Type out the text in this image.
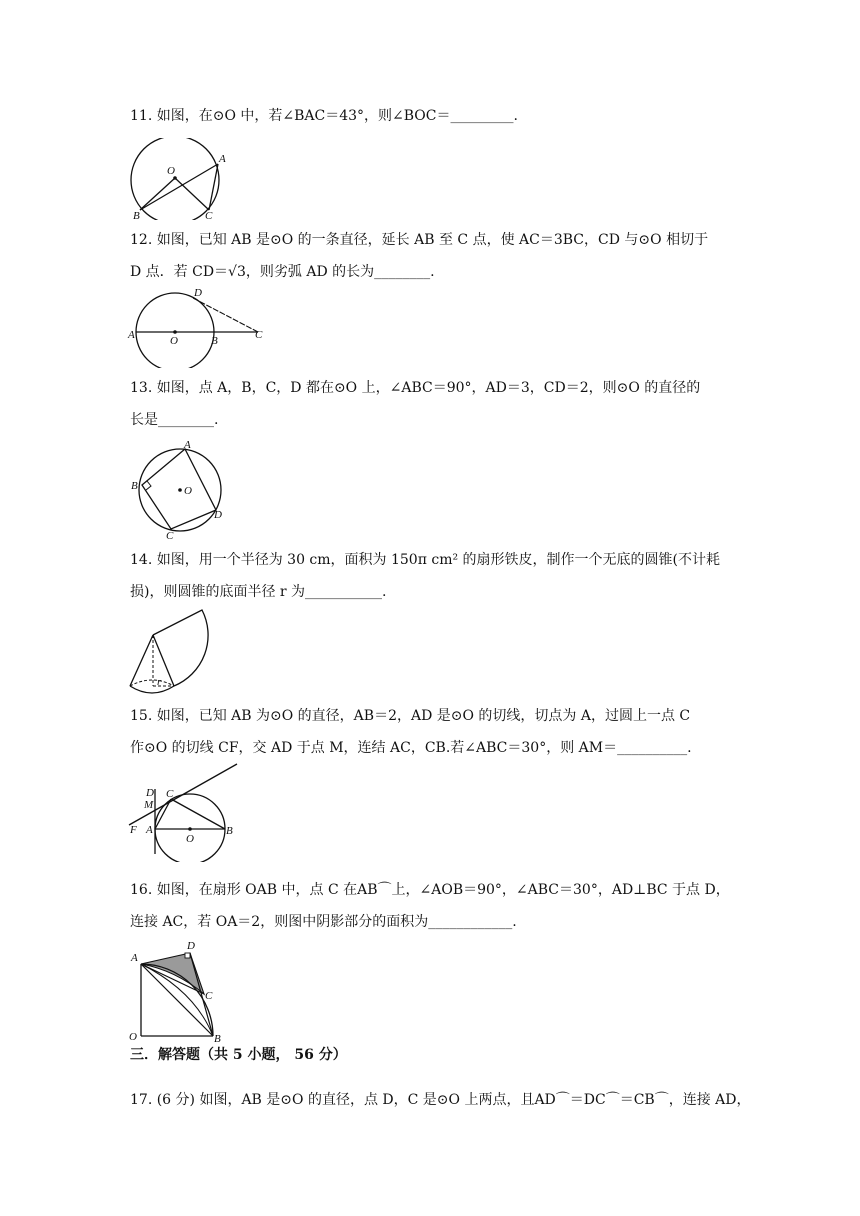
11. 如图，在⊙O 中，若∠BAC＝43°，则∠BOC＝_________.
O
A
B	C
12. 如图，已知 AB 是⊙O 的一条直径，延长 AB 至 C 点，使 AC＝3BC，CD 与⊙O 相切于
D 点．若 CD＝√3，则劣弧 AD 的长为________.
A	O	B	C
D
13. 如图，点 A，B，C，D 都在⊙O 上，∠ABC＝90°，AD＝3，CD＝2，则⊙O 的直径的
长是________.
A
B
C
D
O
14. 如图，用一个半径为 30 cm，面积为 150π cm² 的扇形铁皮，制作一个无底的圆锥(不计耗
损)，则圆锥的底面半径 r 为___________.
r
15. 如图，已知 AB 为⊙O 的直径，AB＝2，AD 是⊙O 的切线，切点为 A，过圆上一点 C
作⊙O 的切线 CF，交 AD 于点 M，连结 AC，CB.若∠ABC＝30°，则 AM＝__________.
D
M
C
F A
O
B
16. 如图，在扇形 OAB 中，点 C 在AB⌒上，∠AOB＝90°，∠ABC＝30°，AD⊥BC 于点 D，
连接 AC，若 OA＝2，则图中阴影部分的面积为____________.
A
D
C
O	B
三．解答题（共 5 小题， 56 分）
17. (6 分) 如图，AB 是⊙O 的直径，点 D，C 是⊙O 上两点，且AD⌒＝DC⌒＝CB⌒，连接 AD，
